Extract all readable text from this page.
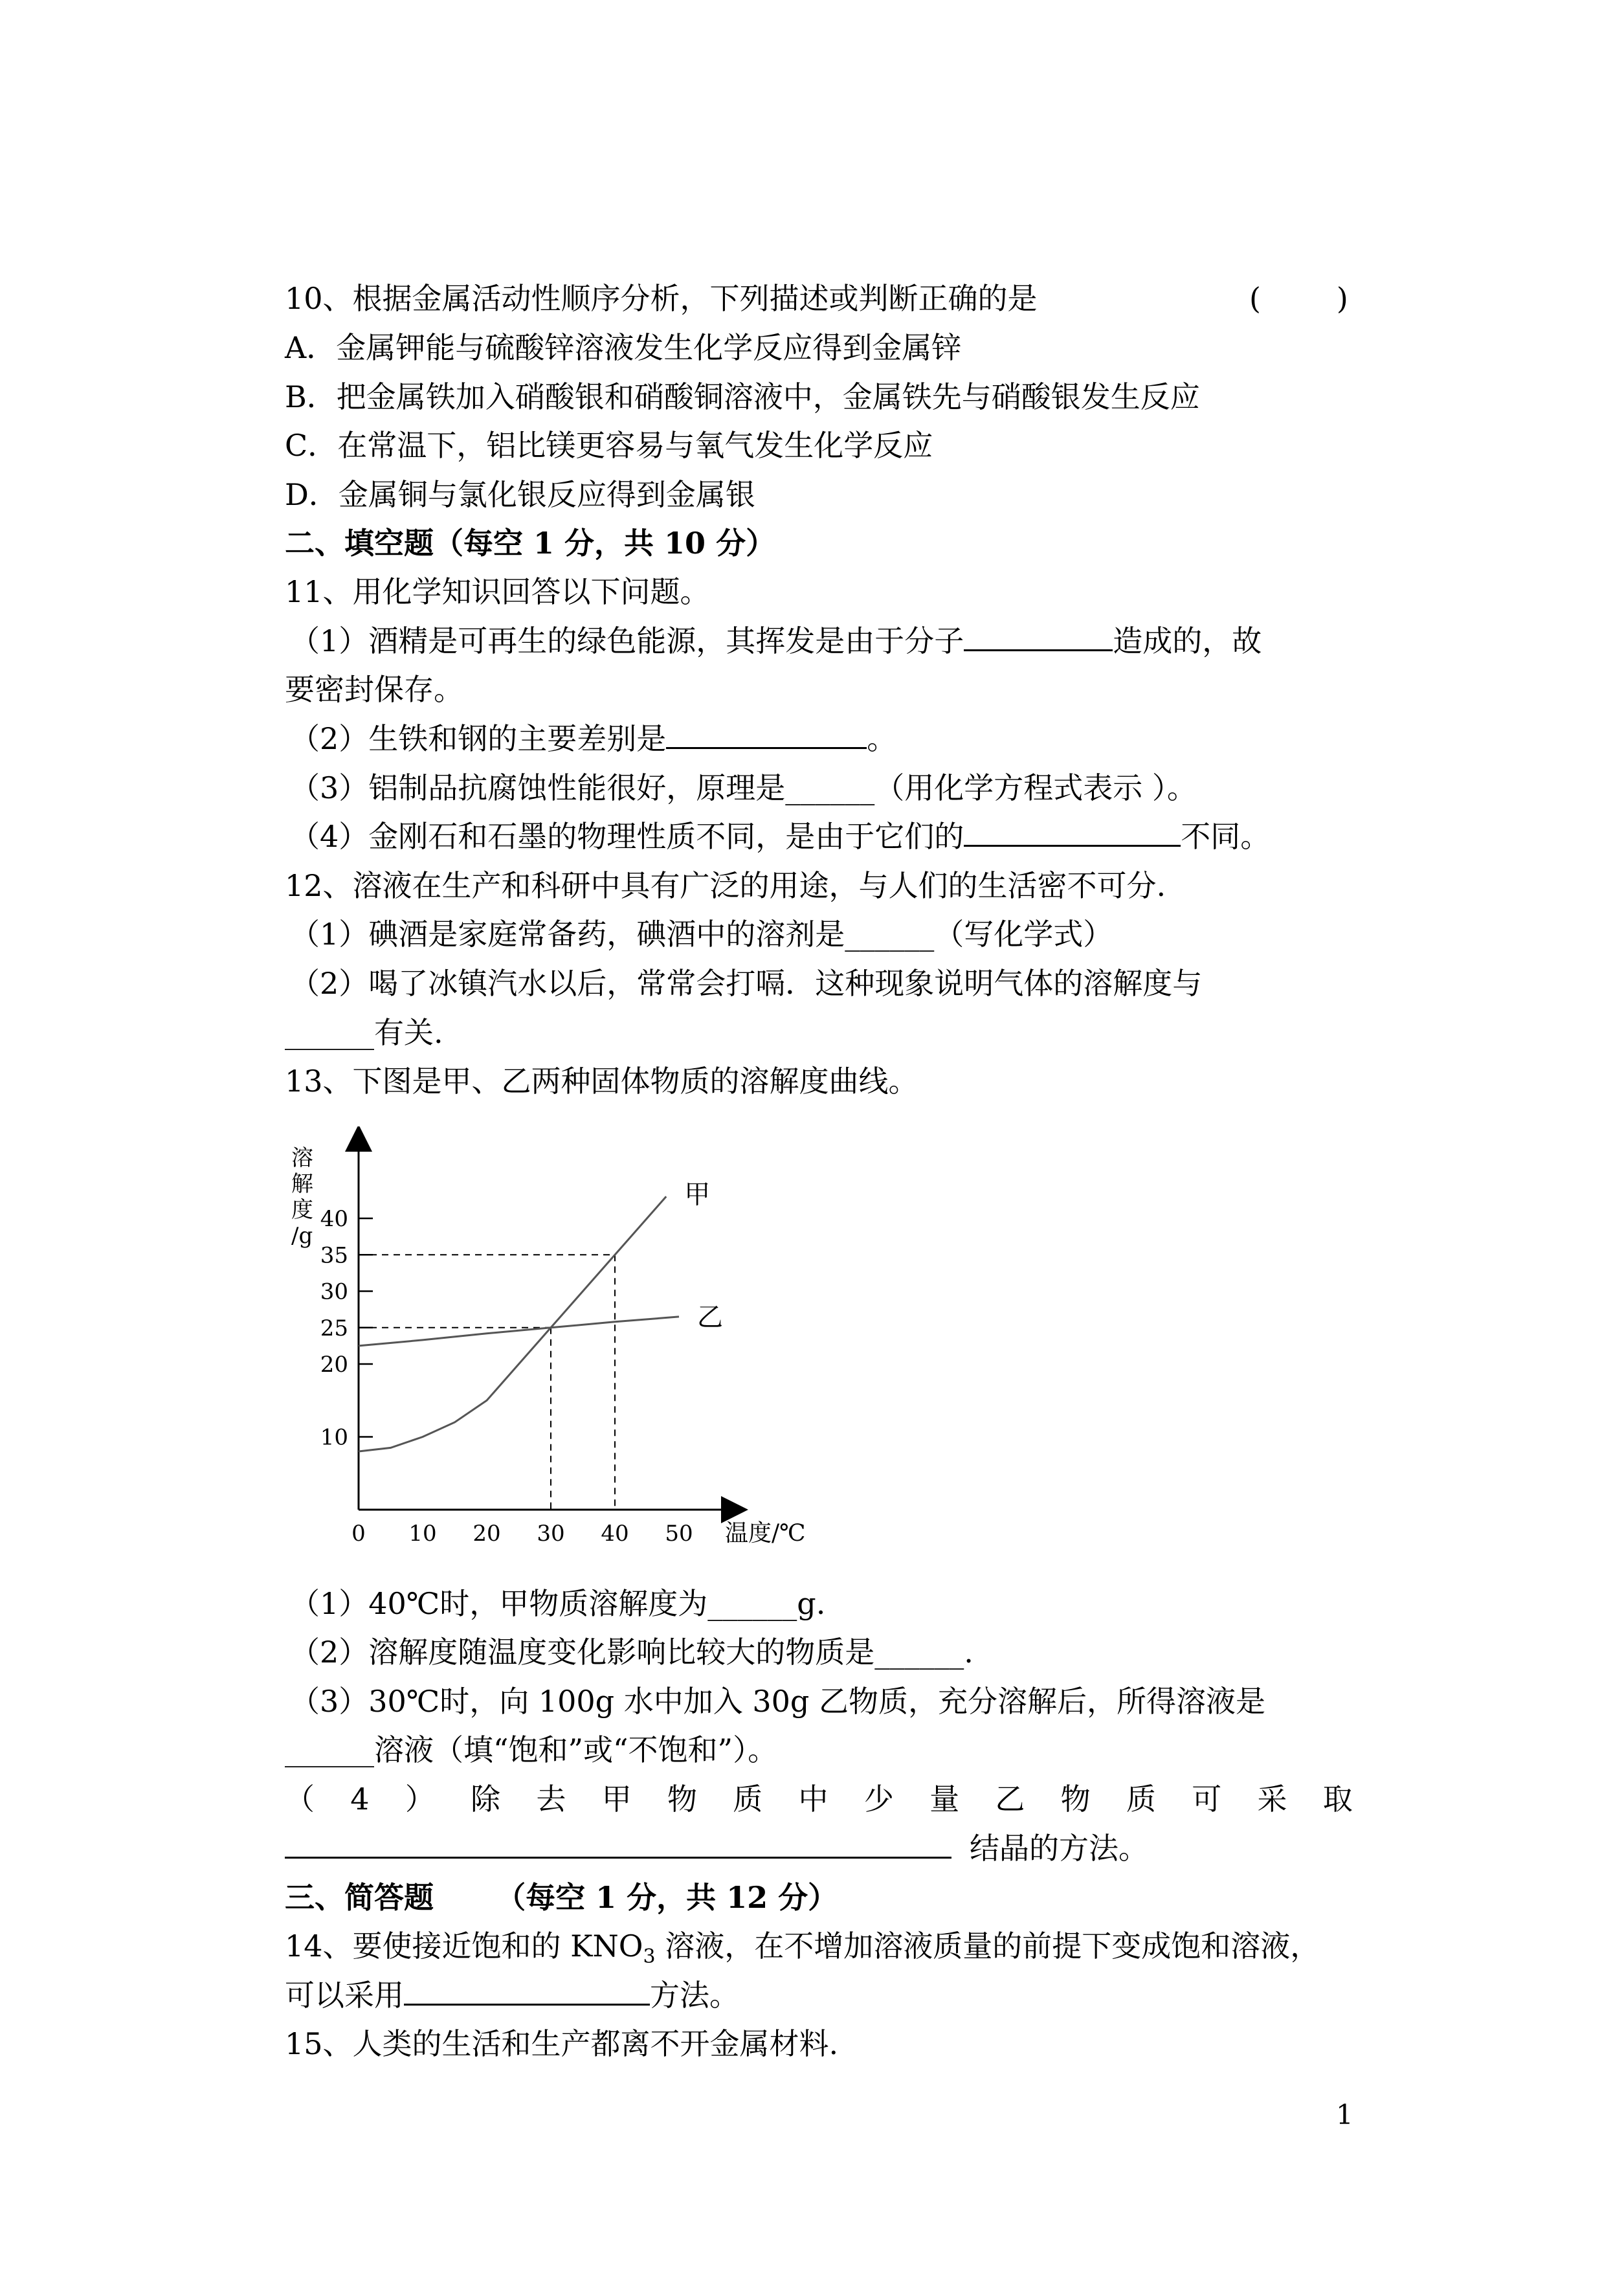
10、根据金属活动性顺序分析，下列描述或判断正确的是	(        )
A．金属钾能与硫酸锌溶液发生化学反应得到金属锌
B．把金属铁加入硝酸银和硝酸铜溶液中，金属铁先与硝酸银发生反应
C．在常温下，铝比镁更容易与氧气发生化学反应
D．金属铜与氯化银反应得到金属银
二、填空题（每空 1 分，共 10 分）
11、用化学知识回答以下问题。
（1）酒精是可再生的绿色能源，其挥发是由于分子	造成的，故
要密封保存。
（2）生铁和钢的主要差别是	。
（3）铝制品抗腐蚀性能很好，原理是______（用化学方程式表示 ）。
（4）金刚石和石墨的物理性质不同，是由于它们的	不同。
12、溶液在生产和科研中具有广泛的用途，与人们的生活密不可分.
（1）碘酒是家庭常备药，碘酒中的溶剂是______（写化学式）
（2）喝了冰镇汽水以后，常常会打嗝．这种现象说明气体的溶解度与
______有关.
13、下图是甲、乙两种固体物质的溶解度曲线。
溶
解
度
/g
温度/℃
0 10 20 30 40 50
10
20
25
30
35
40
甲
乙
（1）40℃时，甲物质溶解度为______g.
（2）溶解度随温度变化影响比较大的物质是______.
（3）30℃时，向 100g 水中加入 30g 乙物质，充分溶解后，所得溶液是
______溶液（填“饱和”或“不饱和”）。
（ 4 ） 除 去 甲 物 质 中 少 量 乙 物 质 可 采 取
结晶的方法。
三、简答题      （每空 1 分，共 12 分）
14、要使接近饱和的 $KNO_3$ 溶液，在不增加溶液质量的前提下变成饱和溶液，
可以采用	方法。
15、人类的生活和生产都离不开金属材料.
1
